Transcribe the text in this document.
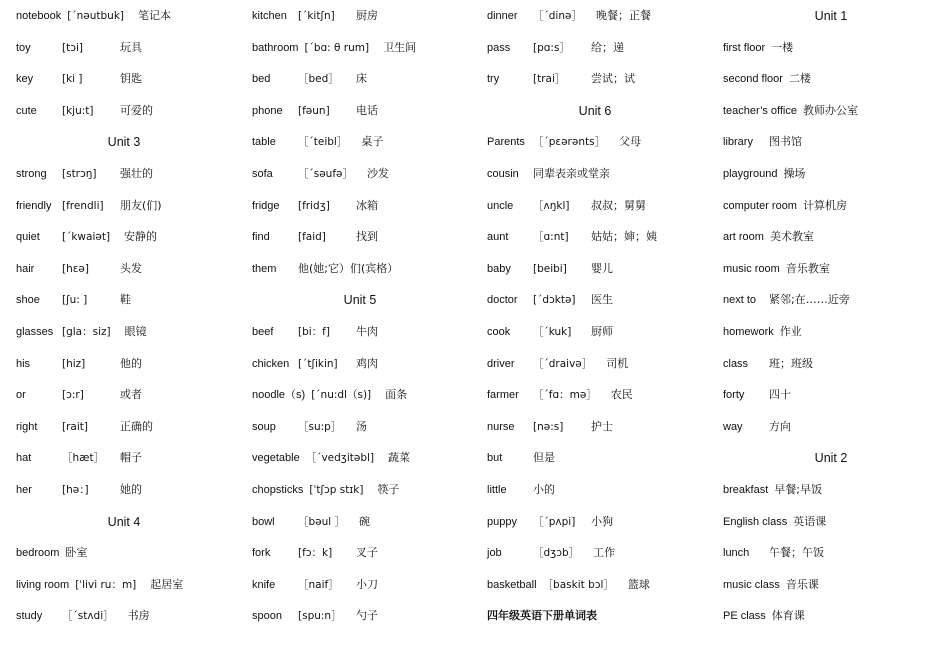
notebook [ˊnəutbuk] 笔记本
toy	[tɔi]	玩具
key	[ki ]	钥匙
cute [kju:t] 可爱的
Unit 3
strong [strɔŋ] 强壮的
friendly [frendli] 朋友(们)
quiet [ˊkwaiət] 安静的
hair	[hεə]	头发
shoe [ʃu: ]	鞋
glasses [gla：siz] 眼镜
his	[hiz]	他的
or	[ɔ:r]	或者
right [rait]	正确的
hat	［hæt］ 帽子
her	[hə：]	她的
Unit 4
bedroom 卧室
living room [ˈlivi ru：m] 起居室
study ［ˊstʌdi］ 书房
kitchen [ˊkitʃn] 厨房
bathroom [ˊbɑ: θ rum] 卫生间
bed	［bed］ 床
phone [fəun] 电话
table ［ˊteibl］ 桌子
sofa ［ˊsəufə］ 沙发
fridge [fridʒ] 冰箱
find	[faid]	找到
them 他(她;它）们(宾格）
Unit 5
beef [bi：f] 牛肉
chicken [ˊtʃikin] 鸡肉
noodle（s) [ˊnu:dl（s)] 面条
soup ［su:p］ 汤
vegetable ［ˊvedʒitəbl] 蔬菜
chopsticks [ˈtʃɔp stɪk] 筷子
bowl ［bəul ］ 碗
fork	[fɔ：k] 叉子
knife ［naif］ 小刀
spoon [spu:n］ 勺子
dinner ［ˊdinə］ 晚餐；正餐
pass [pɑ:s］ 给；递
try	[trai］ 尝试；试
Unit 6
Parents ［ˊpεərənts］ 父母
cousin 同辈表亲或堂亲
uncle ［ʌŋkl] 叔叔；舅舅
aunt ［ɑ:nt] 姑姑；婶；姨
baby [beibi] 婴儿
doctor [ˊdɔktə] 医生
cook ［ˊkuk] 厨师
driver ［ˊdraivə］ 司机
farmer ［ˊfɑ：mə］ 农民
nurse [nə:s]	护士
but	但是
little 小的
puppy ［ˊpʌpi] 小狗
job	［dʒɔb］ 工作
basketball ［baskit bɔl］ 篮球
四年级英语下册单词表
Unit 1
first floor 一楼
second floor 二楼
teacher’s office 教师办公室
library 图书馆
playground 操场
computer room 计算机房
art room 美术教室
music room 音乐教室
next to 紧邻;在……近旁
homework 作业
class 班；班级
forty 四十
way 方向
Unit 2
breakfast 早餐;早饭
English class 英语课
lunch 午餐；午饭
music class 音乐课
PE class 体育课
